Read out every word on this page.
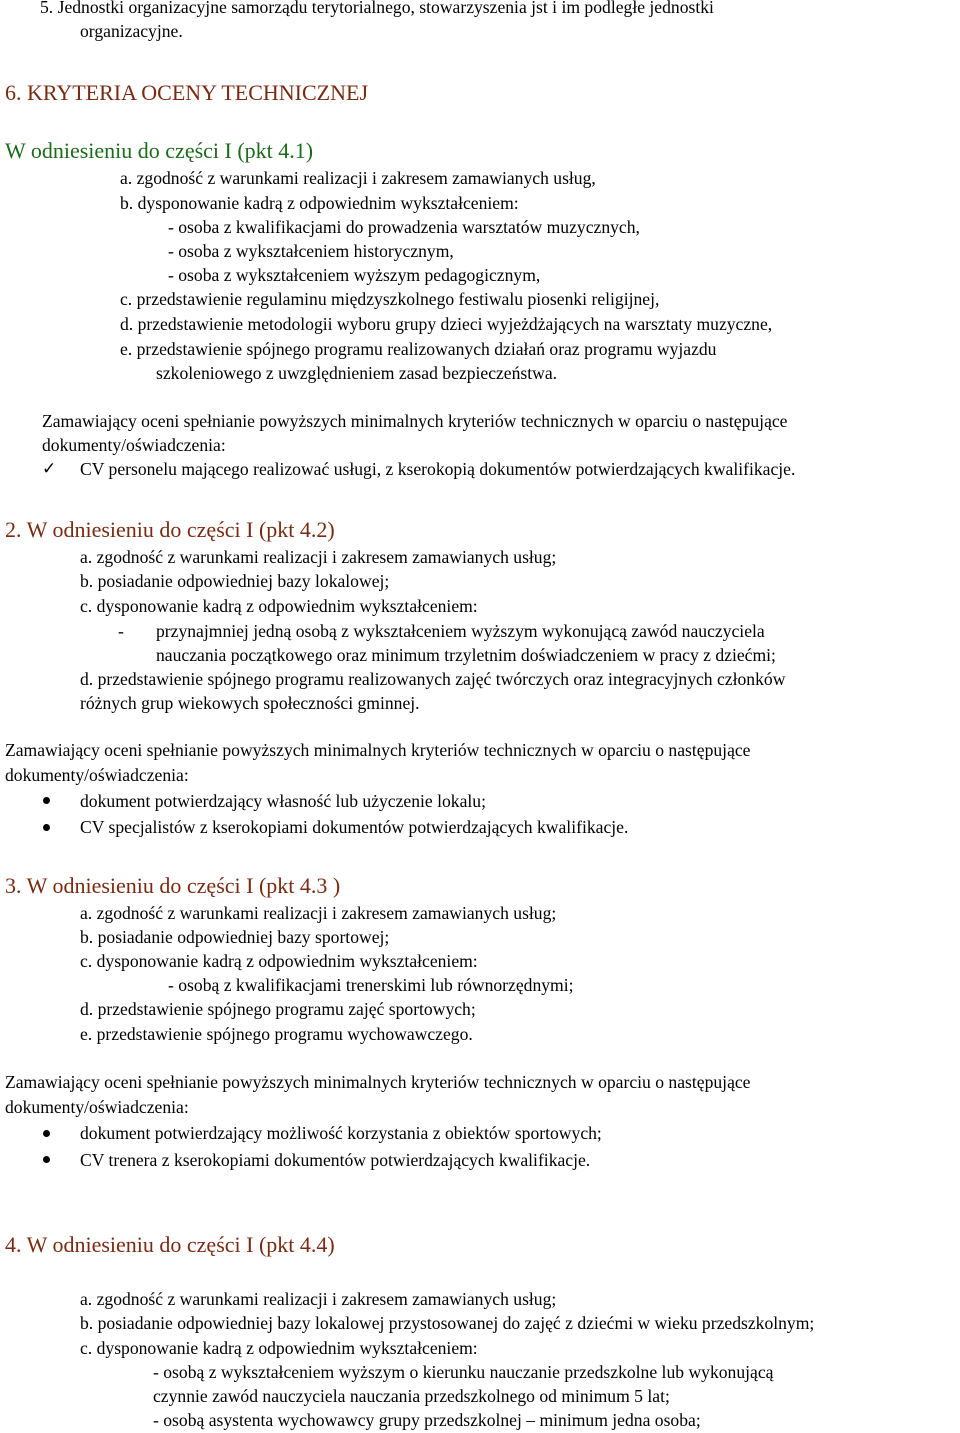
5. Jednostki organizacyjne samorządu terytorialnego, stowarzyszenia jst i im podległe jednostki
organizacyjne.
6. KRYTERIA OCENY TECHNICZNEJ
W odniesieniu do części I (pkt 4.1)
a. zgodność z warunkami realizacji i zakresem zamawianych usług,
b. dysponowanie kadrą z odpowiednim wykształceniem:
- osoba z kwalifikacjami do prowadzenia warsztatów muzycznych,
- osoba z wykształceniem historycznym,
- osoba z wykształceniem wyższym pedagogicznym,
c. przedstawienie regulaminu międzyszkolnego festiwalu piosenki religijnej,
d. przedstawienie metodologii wyboru grupy dzieci wyjeżdżających na warsztaty muzyczne,
e. przedstawienie spójnego programu realizowanych działań oraz programu wyjazdu
szkoleniowego z uwzględnieniem zasad bezpieczeństwa.
Zamawiający oceni spełnianie powyższych minimalnych kryteriów technicznych w oparciu o następujące
dokumenty/oświadczenia:
✓ CV personelu mającego realizować usługi, z kserokopią dokumentów potwierdzających kwalifikacje.
2. W odniesieniu do części I (pkt 4.2)
a. zgodność z warunkami realizacji i zakresem zamawianych usług;
b. posiadanie odpowiedniej bazy lokalowej;
c. dysponowanie kadrą z odpowiednim wykształceniem:
- przynajmniej jedną osobą z wykształceniem wyższym wykonującą zawód nauczyciela
nauczania początkowego oraz minimum trzyletnim doświadczeniem w pracy z dziećmi;
d. przedstawienie spójnego programu realizowanych zajęć twórczych oraz integracyjnych członków
różnych grup wiekowych społeczności gminnej.
Zamawiający oceni spełnianie powyższych minimalnych kryteriów technicznych w oparciu o następujące
dokumenty/oświadczenia:
dokument potwierdzający własność lub użyczenie lokalu;
CV specjalistów z kserokopiami dokumentów potwierdzających kwalifikacje.
3. W odniesieniu do części I (pkt 4.3 )
a. zgodność z warunkami realizacji i zakresem zamawianych usług;
b. posiadanie odpowiedniej bazy sportowej;
c. dysponowanie kadrą z odpowiednim wykształceniem:
- osobą z kwalifikacjami trenerskimi lub równorzędnymi;
d. przedstawienie spójnego programu zajęć sportowych;
e. przedstawienie spójnego programu wychowawczego.
Zamawiający oceni spełnianie powyższych minimalnych kryteriów technicznych w oparciu o następujące
dokumenty/oświadczenia:
dokument potwierdzający możliwość korzystania z obiektów sportowych;
CV trenera z kserokopiami dokumentów potwierdzających kwalifikacje.
4. W odniesieniu do części I (pkt 4.4)
a. zgodność z warunkami realizacji i zakresem zamawianych usług;
b. posiadanie odpowiedniej bazy lokalowej przystosowanej do zajęć z dziećmi w wieku przedszkolnym;
c. dysponowanie kadrą z odpowiednim wykształceniem:
- osobą z wykształceniem wyższym o kierunku nauczanie przedszkolne lub wykonującą
czynnie zawód nauczyciela nauczania przedszkolnego od minimum 5 lat;
- osobą asystenta wychowawcy grupy przedszkolnej – minimum jedna osoba;
